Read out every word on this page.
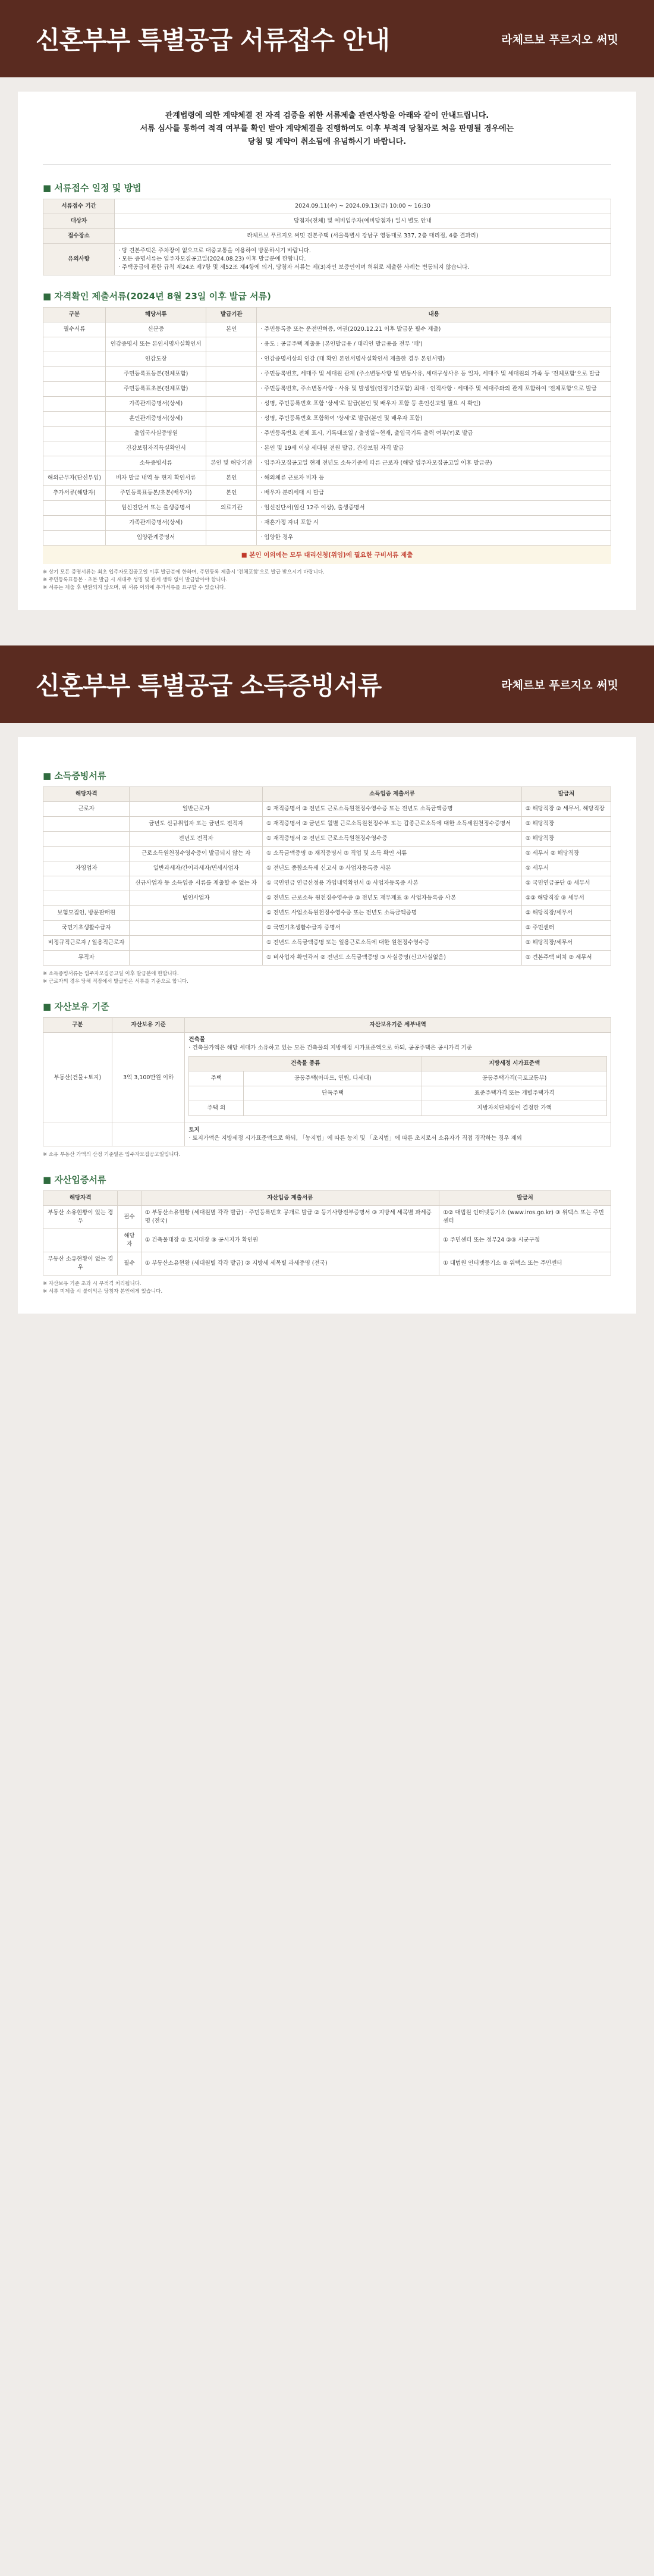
신혼부부 특별공급 서류접수 안내	라체르보 푸르지오 써밋
관계법령에 의한 계약체결 전 자격 검증을 위한 서류제출 관련사항을 아래와 같이 안내드립니다.
서류 심사를 통하여 적격 여부를 확인 받아 계약체결을 진행하여도 이후 부적격 당첨자로 처음 판명될 경우에는
당첨 및 계약이 취소됨에 유념하시기 바랍니다.
■ 서류접수 일정 및 방법
서류접수 기간	2024.09.11(수) ~ 2024.09.13(금) 10:00 ~ 16:30
대상자	당첨자(전체) 및 예비입주자(예비당첨자) 일시 별도 안내
접수장소	라체르보 푸르지오 써밋 견본주택 (서울특별시 강남구 영동대로 337, 2층 대리점, 4층 결과리)
유의사항	· 당 견본주택은 주차장이 없으므로 대중교통을 이용하여 방문하시기 바랍니다.
· 모든 증명서류는 입주자모집공고일(2024.08.23) 이후 발급분에 한합니다.
· 주택공급에 관한 규칙 제24조 제7항 및 제52조 제4항에 의거, 당첨자 서류는 제(3)자인 보증인이며 허위로 제출한 사례는 변동되지 않습니다.
■ 자격확인 제출서류(2024년 8월 23일 이후 발급 서류)
구분	해당서류	발급기관	내용
필수서류	신분증	본인	· 주민등록증 또는 운전면허증, 여권(2020.12.21 이후 발급분 필수 제출)
	인감증명서 또는 본인서명사실확인서		· 용도 : 공급주택 제출용 (본인발급용 / 대리인 발급용을 전부 '매')
	인감도장		· 인감증명서상의 인감 (대 확인 본인서명사실확인서 제출한 경우 본인서명)
	주민등록표등본(전체포함)		· 주민등록번호, 세대주 및 세대원 관계 (주소변동사항 및 변동사유, 세대구성사유 등 일자, 세대주 및 세대원의 가족 등 '전체포함'으로 발급
	주민등록표초본(전체포함)		· 주민등록번호, 주소변동사항 · 사유 및 발생일(인정기간포함) 최대 · 인적사항 · 세대주 및 세대주와의 관계 포함하여 '전체포함'으로 발급
	가족관계증명서(상세)		· 성명, 주민등록번호 포함 '상세'로 발급(본인 및 배우자 포함 등 혼인신고일 필요 시 확인)
	혼인관계증명서(상세)		· 성명, 주민등록번호 포함하여 '상세'로 발급(본인 및 배우자 포함)
	출입국사실증명원		· 주민등록번호 전체 표시, 기록대조일 / 출생일~현재, 출입국기록 출력 여부(Y)로 발급
	건강보험자격득실확인서		· 본인 및 19세 이상 세대원 전원 발급, 건강보험 자격 발급
	소득증빙서류	본인 및 해당기관	· 입주자모집공고일 현재 전년도 소득기준에 따른 근로자 (해당 입주자모집공고일 이후 발급분)
해외근무자(단신부임)	비자 발급 내역 등 현지 확인서류	본인	· 해외체류 근로자 비자 등
추가서류(해당자)	주민등록표등본/초본(배우자)	본인	· 배우자 분리세대 시 발급
	임신진단서 또는 출생증명서	의료기관	· 임신진단서(임신 12주 이상), 출생증명서
	가족관계증명서(상세)		· 재혼가정 자녀 포함 시
	입양관계증명서		· 입양한 경우
■ 본인 이외에는 모두 대리신청(위임)에 필요한 구비서류 제출
※ 상기 모든 증명서류는 최초 입주자모집공고일 이후 발급분에 한하며, 주민등록 제출시 '전체포함'으로 발급 받으시기 바랍니다.
※ 주민등록표등본 · 초본 발급 시 세대주 성명 및 관계 생략 없이 발급받아야 합니다.
※ 서류는 제출 후 반환되지 않으며, 위 서류 이외에 추가서류를 요구할 수 있습니다.
신혼부부 특별공급 소득증빙서류	라체르보 푸르지오 써밋
■ 소득증빙서류
해당자격		소득입증 제출서류	발급처
근로자	일반근로자	① 재직증명서 ② 전년도 근로소득원천징수영수증 또는 전년도 소득금액증명	① 해당직장 ② 세무서, 해당직장
	금년도 신규취업자 또는 금년도 전직자	① 재직증명서 ② 금년도 월별 근로소득원천징수부 또는 갑종근로소득에 대한 소득세원천징수증명서	① 해당직장
	전년도 전직자	① 재직증명서 ② 전년도 근로소득원천징수영수증	① 해당직장
	근로소득원천징수영수증이 발급되지 않는 자	① 소득금액증명 ② 재직증명서 ③ 직업 및 소득 확인 서류	① 세무서 ② 해당직장
자영업자	일반과세자/간이과세자/면세사업자	① 전년도 종합소득세 신고서 ② 사업자등록증 사본	① 세무서
	신규사업자 등 소득입증 서류를 제출할 수 없는 자	① 국민연금 연금산정용 가입내역확인서 ② 사업자등록증 사본	① 국민연금공단 ② 세무서
	법인사업자	① 전년도 근로소득 원천징수영수증 ② 전년도 재무제표 ③ 사업자등록증 사본	①② 해당직장 ③ 세무서
보험모집인, 방문판매원		① 전년도 사업소득원천징수영수증 또는 전년도 소득금액증명	① 해당직장/세무서
국민기초생활수급자		① 국민기초생활수급자 증명서	① 주민센터
비정규직근로자 / 일용직근로자		① 전년도 소득금액증명 또는 일용근로소득에 대한 원천징수영수증	① 해당직장/세무서
무직자		① 비사업자 확인각서 ② 전년도 소득금액증명 ③ 사실증명(신고사실없음)	① 견본주택 비치 ② 세무서
※ 소득증빙서류는 입주자모집공고일 이후 발급분에 한합니다.
※ 근로자의 경우 당해 직장에서 발급받은 서류를 기준으로 합니다.
■ 자산보유 기준
구분	자산보유 기준	자산보유기준 세부내역
부동산(건물+토지)	3억 3,100만원 이하	
건축물
· 건축물가액은 해당 세대가 소유하고 있는 모든 건축물의 지방세정 시가표준액으로 하되, 공공주택은 공시가격 기준
건축물 종류	지방세정 시가표준액
주택	공동주택(아파트, 연립, 다세대)	공동주택가격(국토교통부)
	단독주택	표준주택가격 또는 개별주택가격
주택 외		지방자치단체장이 결정한 가액

토지
· 토지가액은 지방세정 시가표준액으로 하되, 「농지법」에 따른 농지 및 「초지법」에 따른 초지로서 소유자가 직접 경작하는 경우 제외
※ 소유 부동산 가액의 산정 기준일은 입주자모집공고일입니다.
■ 자산입증서류
해당자격		자산입증 제출서류	발급처
부동산 소유현황이 있는 경우	필수	① 부동산소유현황 (세대원별 각각 발급) · 주민등록번호 공개로 발급 ② 등기사항전부증명서 ③ 지방세 세목별 과세증명 (전국)	①② 대법원 인터넷등기소 (www.iros.go.kr) ③ 위택스 또는 주민센터
	해당자	① 건축물대장 ② 토지대장 ③ 공시지가 확인원	① 주민센터 또는 정부24 ②③ 시군구청
부동산 소유현황이 없는 경우	필수	① 부동산소유현황 (세대원별 각각 발급) ② 지방세 세목별 과세증명 (전국)	① 대법원 인터넷등기소 ② 위택스 또는 주민센터
※ 자산보유 기준 초과 시 부적격 처리됩니다.
※ 서류 미제출 시 불이익은 당첨자 본인에게 있습니다.
